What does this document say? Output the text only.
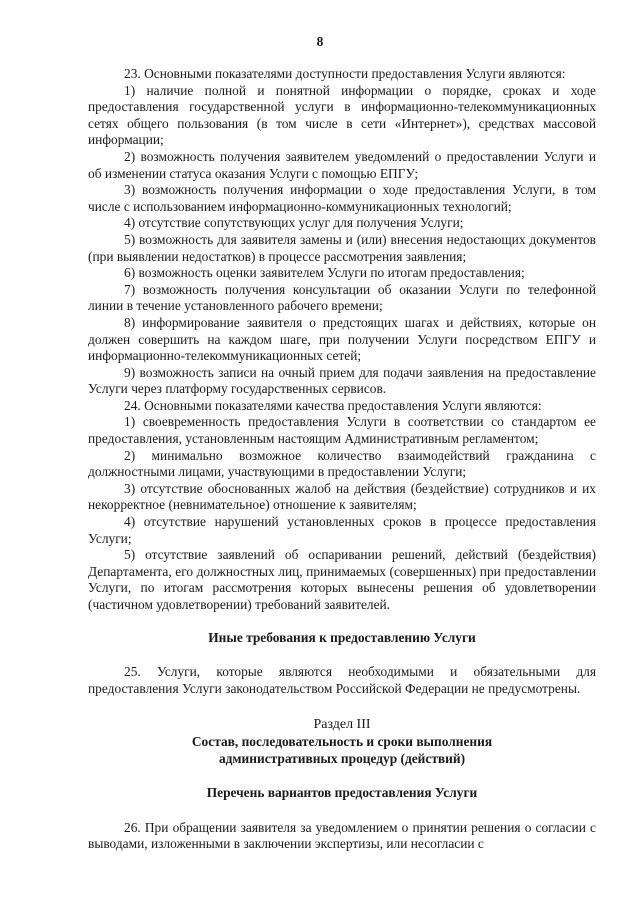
8

23. Основными показателями доступности предоставления Услуги являются:

1) наличие полной и понятной информации о порядке, сроках и ходе предоставления государственной услуги в информационно-телекоммуникационных сетях общего пользования (в том числе в сети «Интернет»), средствах массовой информации;

2) возможность получения заявителем уведомлений о предоставлении Услуги и об изменении статуса оказания Услуги с помощью ЕПГУ;

3) возможность получения информации о ходе предоставления Услуги, в том числе с использованием информационно-коммуникационных технологий;

4) отсутствие сопутствующих услуг для получения Услуги;

5) возможность для заявителя замены и (или) внесения недостающих документов (при выявлении недостатков) в процессе рассмотрения заявления;

6) возможность оценки заявителем Услуги по итогам предоставления;

7) возможность получения консультации об оказании Услуги по телефонной линии в течение установленного рабочего времени;

8) информирование заявителя о предстоящих шагах и действиях, которые он должен совершить на каждом шаге, при получении Услуги посредством ЕПГУ и информационно-телекоммуникационных сетей;

9) возможность записи на очный прием для подачи заявления на предоставление Услуги через платформу государственных сервисов.

24. Основными показателями качества предоставления Услуги являются:

1) своевременность предоставления Услуги в соответствии со стандартом ее предоставления, установленным настоящим Административным регламентом;

2) минимально возможное количество взаимодействий гражданина с должностными лицами, участвующими в предоставлении Услуги;

3) отсутствие обоснованных жалоб на действия (бездействие) сотрудников и их некорректное (невнимательное) отношение к заявителям;

4) отсутствие нарушений установленных сроков в процессе предоставления Услуги;

5) отсутствие заявлений об оспаривании решений, действий (бездействия) Департамента, его должностных лиц, принимаемых (совершенных) при предоставлении Услуги, по итогам рассмотрения которых вынесены решения об удовлетворении (частичном удовлетворении) требований заявителей.

Иные требования к предоставлению Услуги

25. Услуги, которые являются необходимыми и обязательными для предоставления Услуги законодательством Российской Федерации не предусмотрены.

Раздел III

Состав, последовательность и сроки выполнения

административных процедур (действий)

Перечень вариантов предоставления Услуги

26. При обращении заявителя за уведомлением о принятии решения о согласии с выводами, изложенными в заключении экспертизы, или несогласии с
